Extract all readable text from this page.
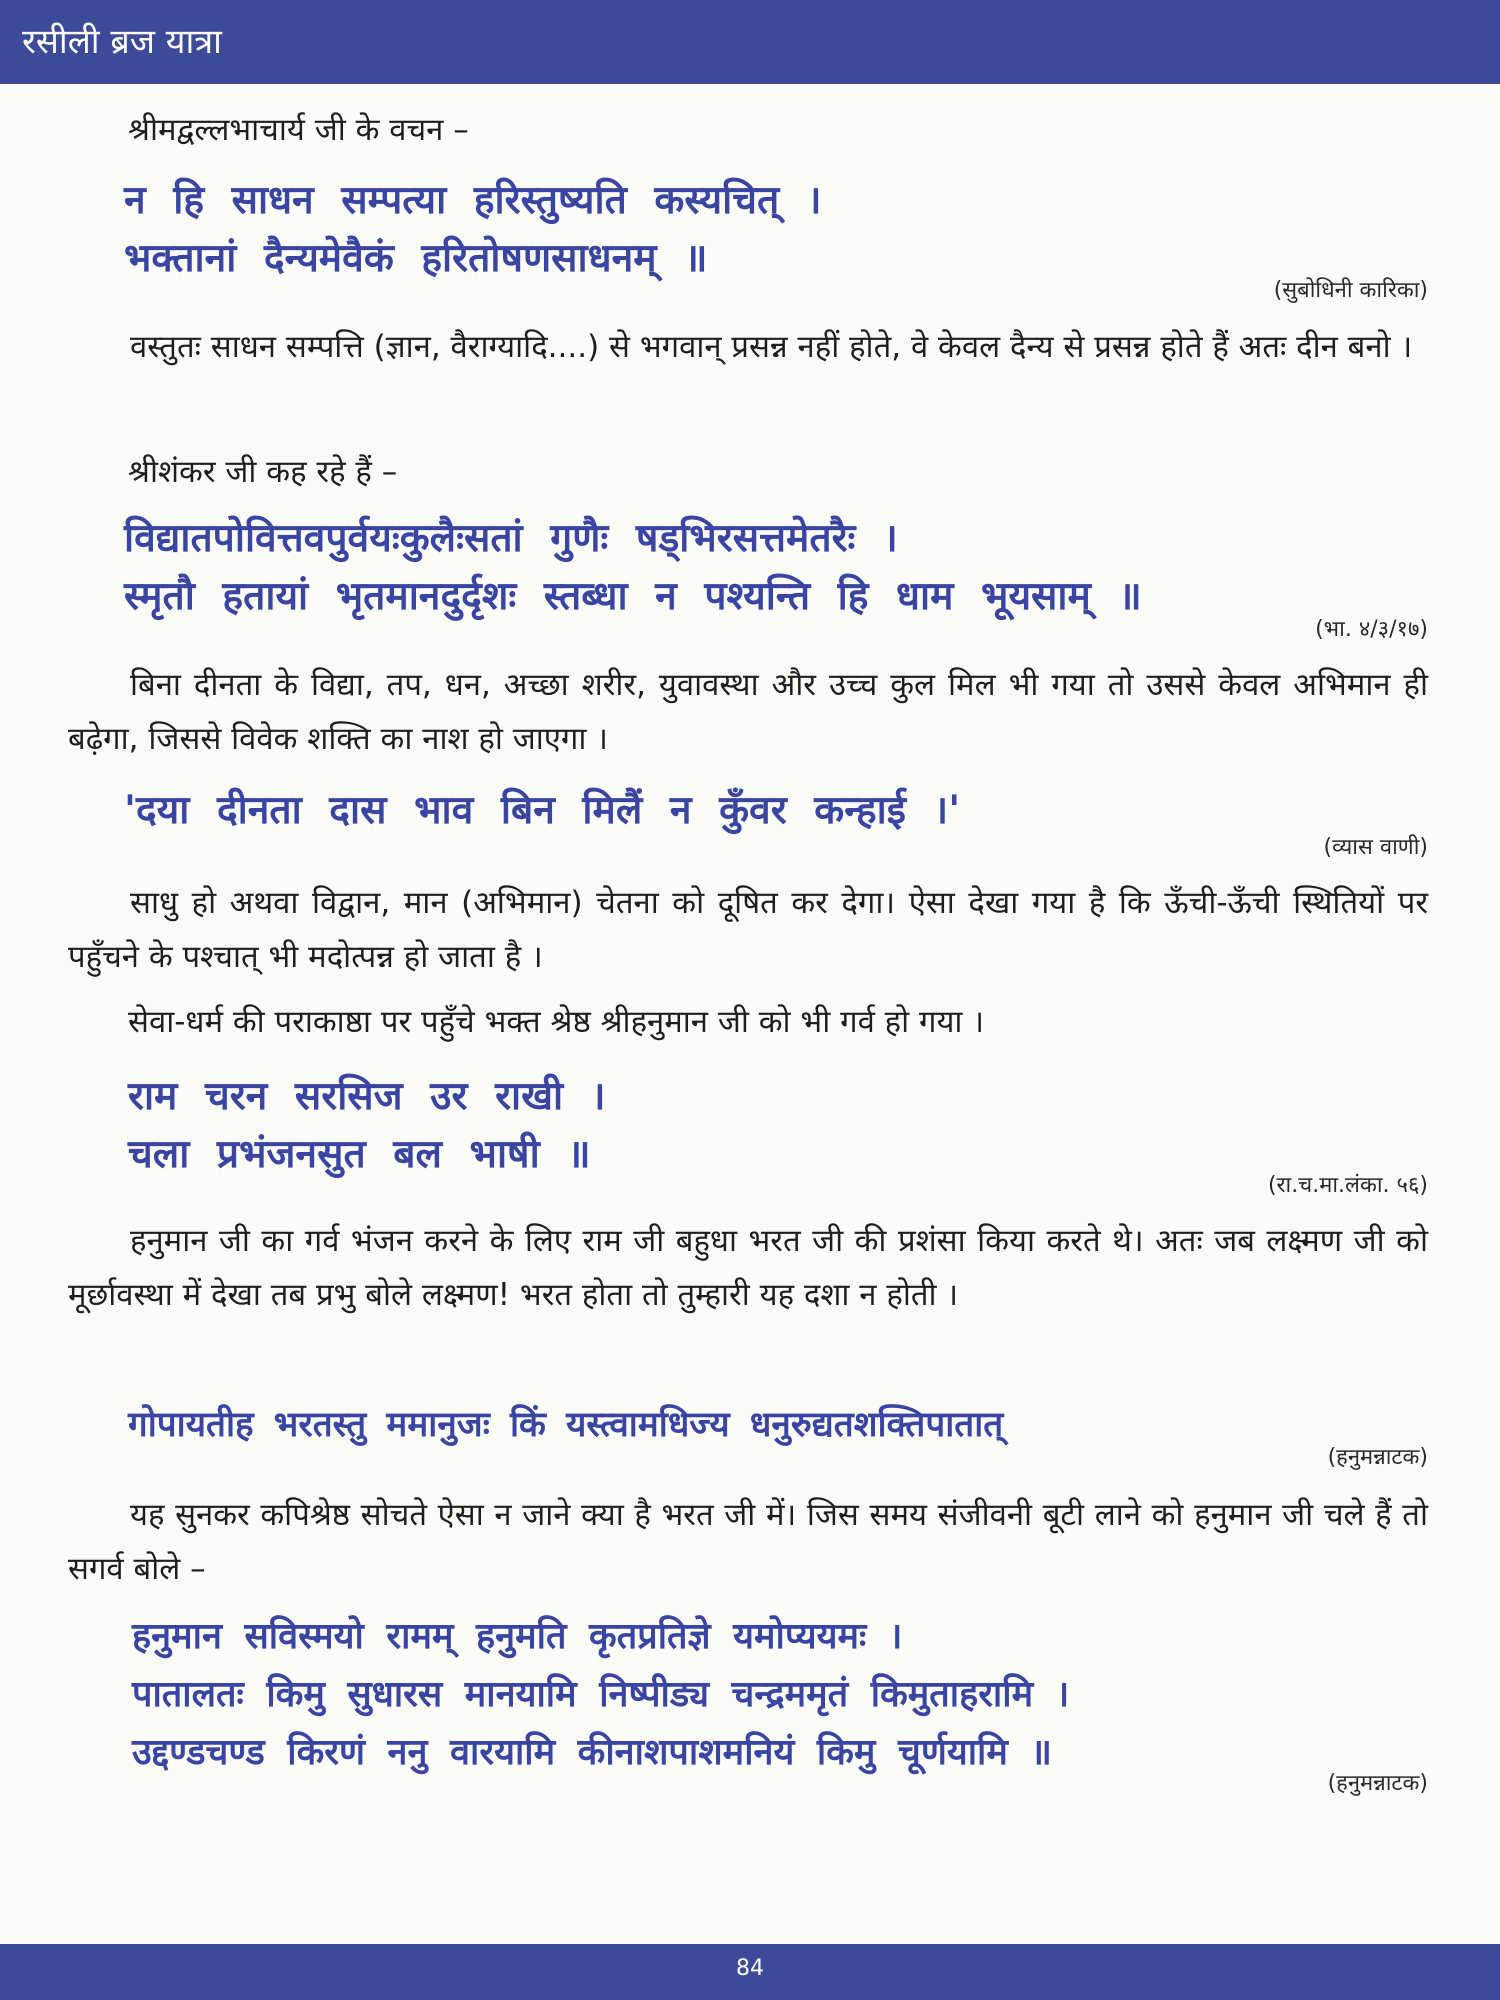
रसीली ब्रज यात्रा

श्रीमद्वल्लभाचार्य जी के वचन –

न हि साधन सम्पत्या हरिस्तुष्यति कस्यचित् ।
भक्तानां दैन्यमेवैकं हरितोषणसाधनम् ॥
(सुबोधिनी कारिका)

वस्तुतः साधन सम्पत्ति (ज्ञान, वैराग्यादि....) से भगवान् प्रसन्न नहीं होते, वे केवल दैन्य से प्रसन्न होते हैं अतः दीन बनो ।

श्रीशंकर जी कह रहे हैं –

विद्यातपोवित्तवपुर्वयःकुलैःसतां गुणैः षड्भिरसत्तमेतरैः ।
स्मृतौ हतायां भृतमानदुर्दृशः स्तब्धा न पश्यन्ति हि धाम भूयसाम् ॥
(भा. ४/३/१७)

बिना दीनता के विद्या, तप, धन, अच्छा शरीर, युवावस्था और उच्च कुल मिल भी गया तो उससे केवल अभिमान ही बढ़ेगा, जिससे विवेक शक्ति का नाश हो जाएगा ।

'दया दीनता दास भाव बिन मिलैं न कुँवर कन्हाई ।'
(व्यास वाणी)

साधु हो अथवा विद्वान, मान (अभिमान) चेतना को दूषित कर देगा। ऐसा देखा गया है कि ऊँची-ऊँची स्थितियों पर पहुँचने के पश्चात् भी मदोत्पन्न हो जाता है ।

सेवा-धर्म की पराकाष्ठा पर पहुँचे भक्त श्रेष्ठ श्रीहनुमान जी को भी गर्व हो गया ।

राम चरन सरसिज उर राखी ।
चला प्रभंजनसुत बल भाषी ॥
(रा.च.मा.लंका. ५६)

हनुमान जी का गर्व भंजन करने के लिए राम जी बहुधा भरत जी की प्रशंसा किया करते थे। अतः जब लक्ष्मण जी को मूर्छावस्था में देखा तब प्रभु बोले लक्ष्मण! भरत होता तो तुम्हारी यह दशा न होती ।

गोपायतीह भरतस्तु ममानुजः किं यस्त्वामधिज्य धनुरुद्यतशक्तिपातात्
(हनुमन्नाटक)

यह सुनकर कपिश्रेष्ठ सोचते ऐसा न जाने क्या है भरत जी में। जिस समय संजीवनी बूटी लाने को हनुमान जी चले हैं तो सगर्व बोले –

हनुमान सविस्मयो रामम् हनुमति कृतप्रतिज्ञे यमोप्ययमः ।
पातालतः किमु सुधारस मानयामि निष्पीड्य चन्द्रममृतं किमुताहरामि ।
उद्दण्डचण्ड किरणं ननु वारयामि कीनाशपाशमनियं किमु चूर्णयामि ॥
(हनुमन्नाटक)
84
